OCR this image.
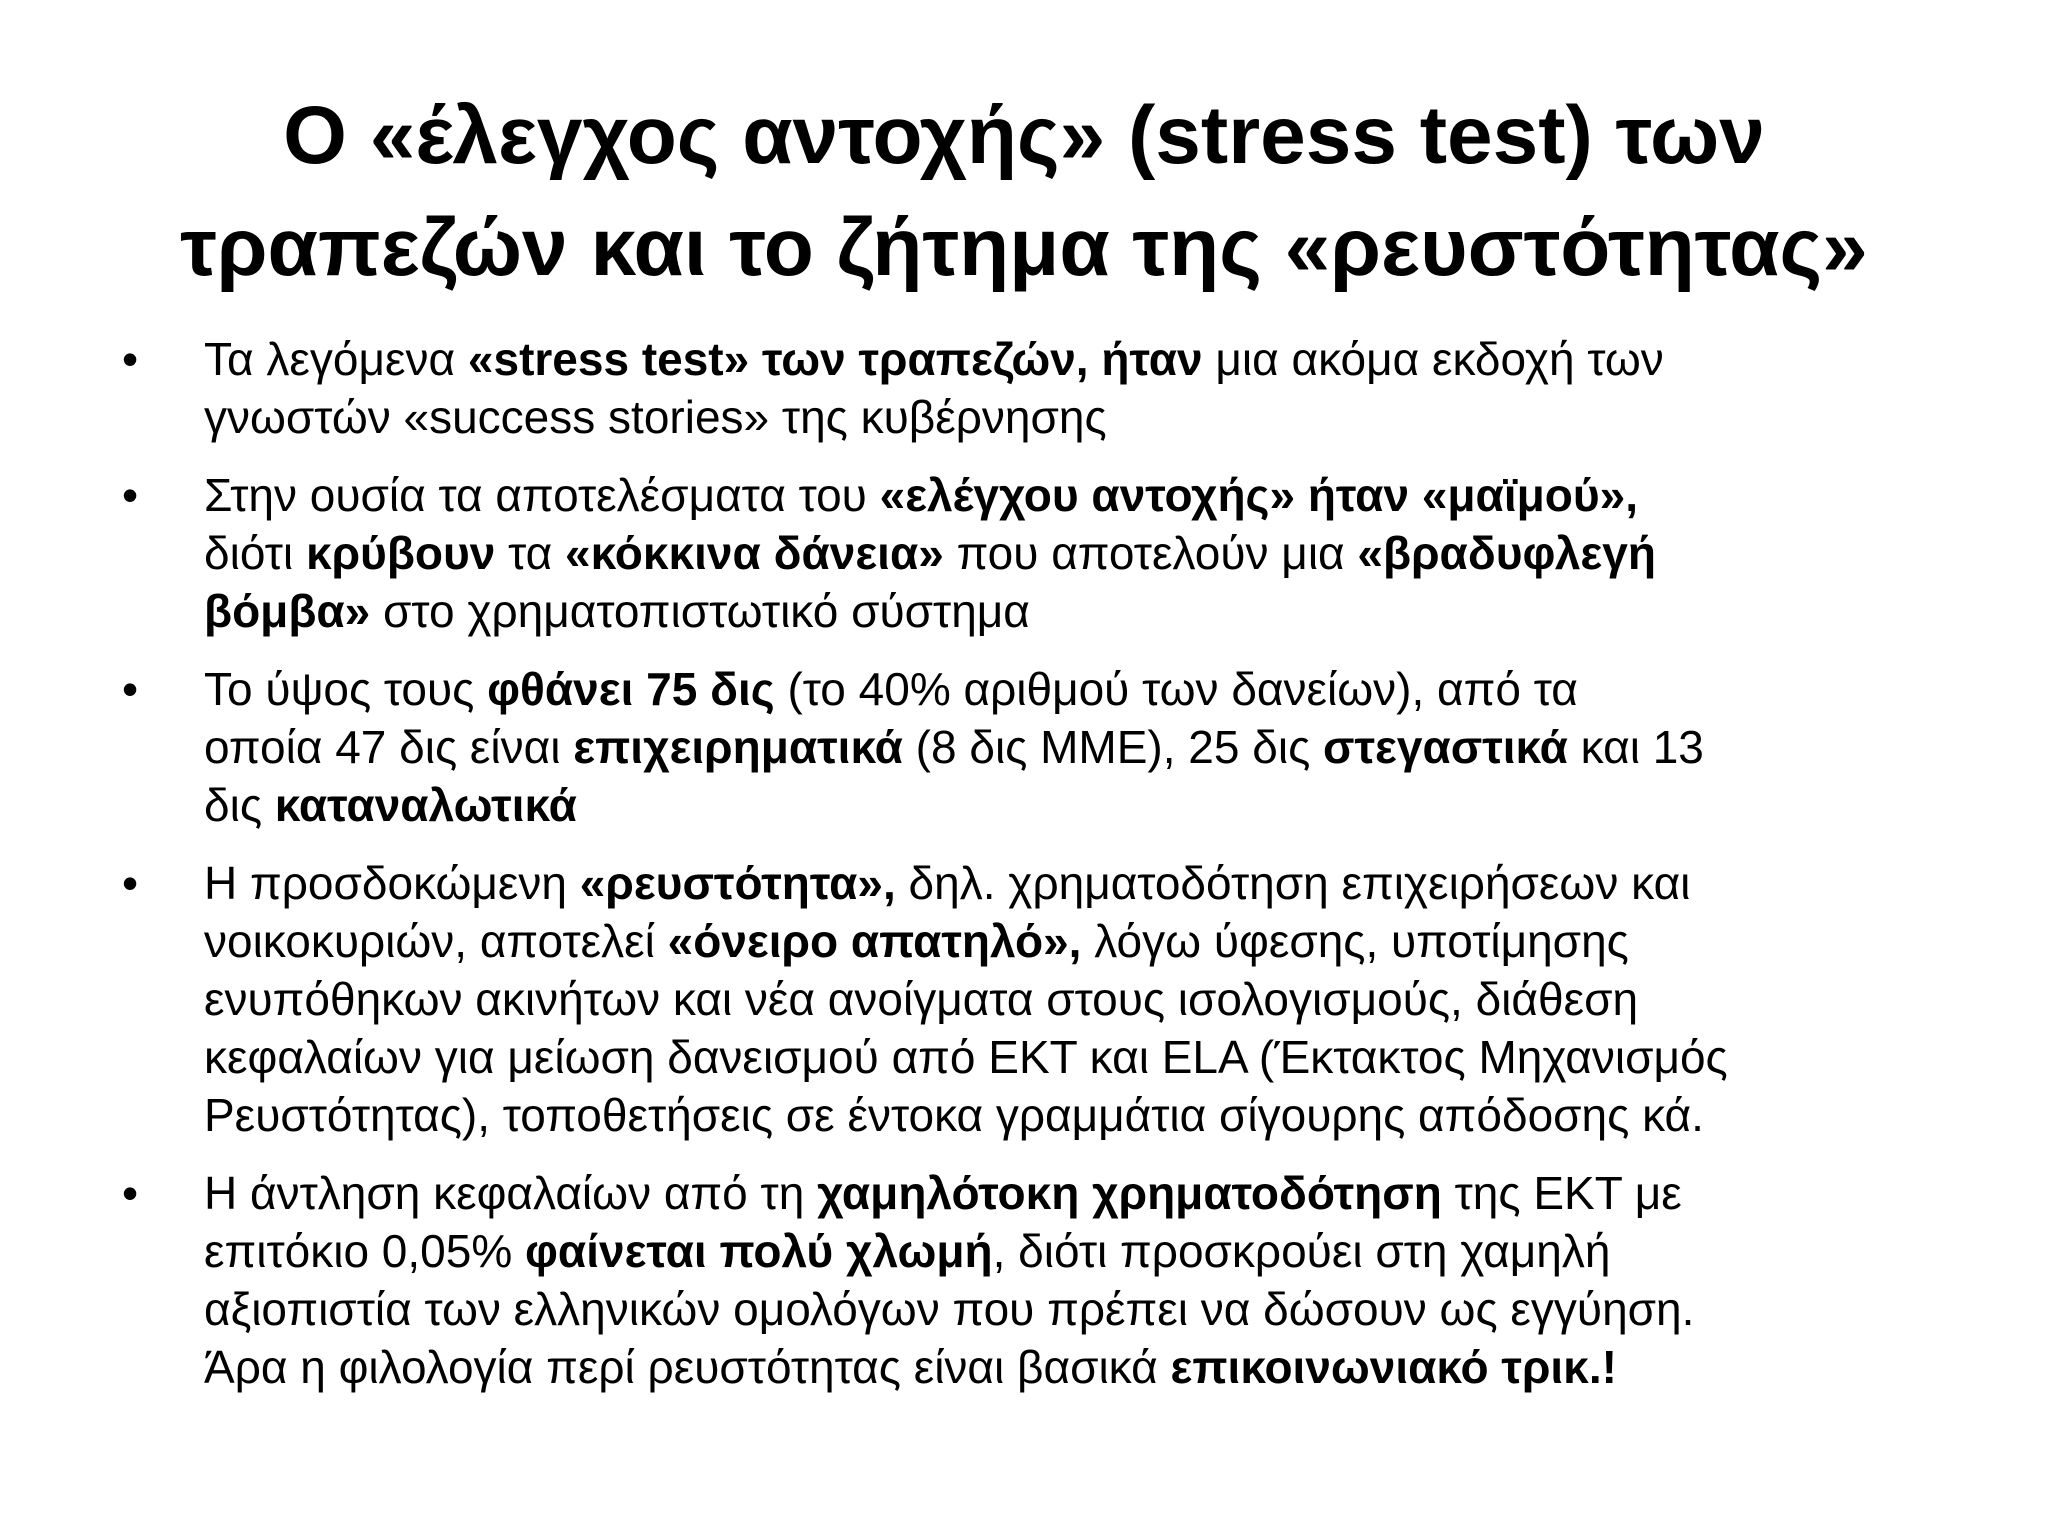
Ο «έλεγχος αντοχής» (stress test) των
τραπεζών και το ζήτημα της «ρευστότητας»
•	Τα λεγόμενα «stress test» των τραπεζών, ήταν μια ακόμα εκδοχή των
γνωστών «success stories» της κυβέρνησης
•	Στην ουσία τα αποτελέσματα του «ελέγχου αντοχής» ήταν «μαϊμού»,
διότι κρύβουν τα «κόκκινα δάνεια» που αποτελούν μια «βραδυφλεγή
βόμβα» στο χρηματοπιστωτικό σύστημα
•	Το ύψος τους φθάνει 75 δις (το 40% αριθμού των δανείων), από τα
οποία 47 δις είναι επιχειρηματικά (8 δις ΜΜΕ), 25 δις στεγαστικά και 13
δις καταναλωτικά
•	Η προσδοκώμενη «ρευστότητα», δηλ. χρηματοδότηση επιχειρήσεων και
νοικοκυριών, αποτελεί «όνειρο απατηλό», λόγω ύφεσης, υποτίμησης
ενυπόθηκων ακινήτων και νέα ανοίγματα στους ισολογισμούς, διάθεση
κεφαλαίων για μείωση δανεισμού από ΕΚΤ και ELA (Έκτακτος Μηχανισμός
Ρευστότητας), τοποθετήσεις σε έντοκα γραμμάτια σίγουρης απόδοσης κά.
•	Η άντληση κεφαλαίων από τη χαμηλότοκη χρηματοδότηση της ΕΚΤ με
επιτόκιο 0,05% φαίνεται πολύ χλωμή, διότι προσκρούει στη χαμηλή
αξιοπιστία των ελληνικών ομολόγων που πρέπει να δώσουν ως εγγύηση.
Άρα η φιλολογία περί ρευστότητας είναι βασικά επικοινωνιακό τρικ.!
